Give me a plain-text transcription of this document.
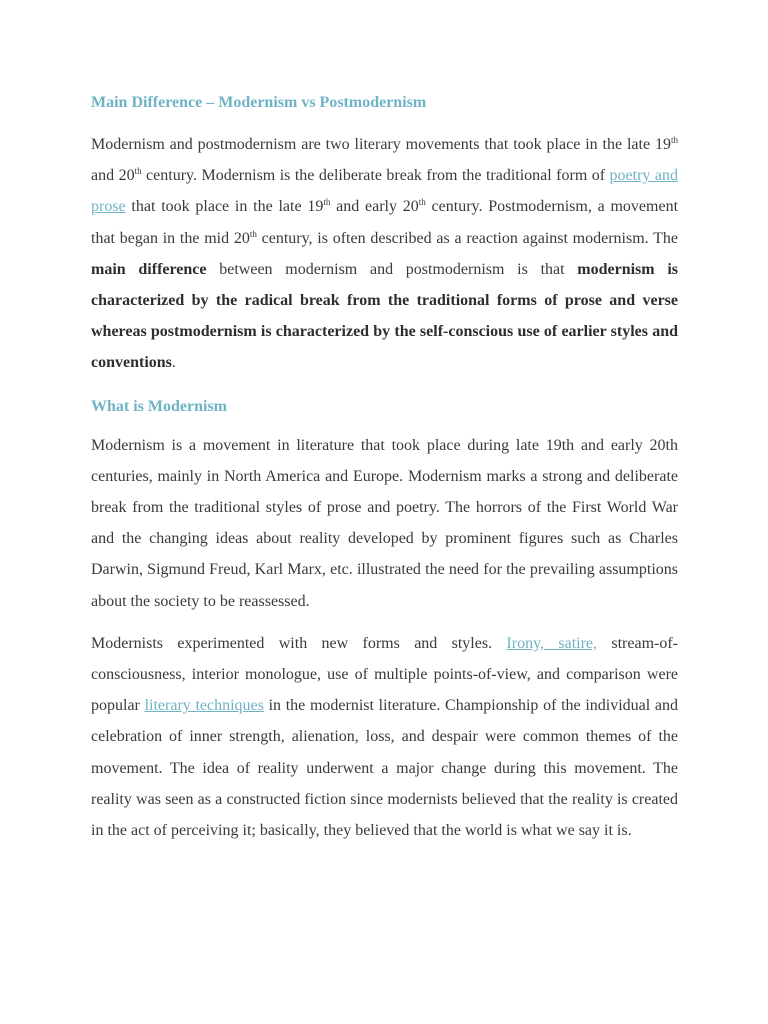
Main Difference – Modernism vs Postmodernism

Modernism and postmodernism are two literary movements that took place in the late 19th and 20th century. Modernism is the deliberate break from the traditional form of poetry and prose that took place in the late 19th and early 20th century. Postmodernism, a movement that began in the mid 20th century, is often described as a reaction against modernism. The main difference between modernism and postmodernism is that modernism is characterized by the radical break from the traditional forms of prose and verse whereas postmodernism is characterized by the self-conscious use of earlier styles and conventions.

What is Modernism

Modernism is a movement in literature that took place during late 19th and early 20th centuries, mainly in North America and Europe. Modernism marks a strong and deliberate break from the traditional styles of prose and poetry. The horrors of the First World War and the changing ideas about reality developed by prominent figures such as Charles Darwin, Sigmund Freud, Karl Marx, etc. illustrated the need for the prevailing assumptions about the society to be reassessed.

Modernists experimented with new forms and styles. Irony, satire, stream-of-consciousness, interior monologue, use of multiple points-of-view, and comparison were popular literary techniques in the modernist literature. Championship of the individual and celebration of inner strength, alienation, loss, and despair were common themes of the movement. The idea of reality underwent a major change during this movement. The reality was seen as a constructed fiction since modernists believed that the reality is created in the act of perceiving it; basically, they believed that the world is what we say it is.
